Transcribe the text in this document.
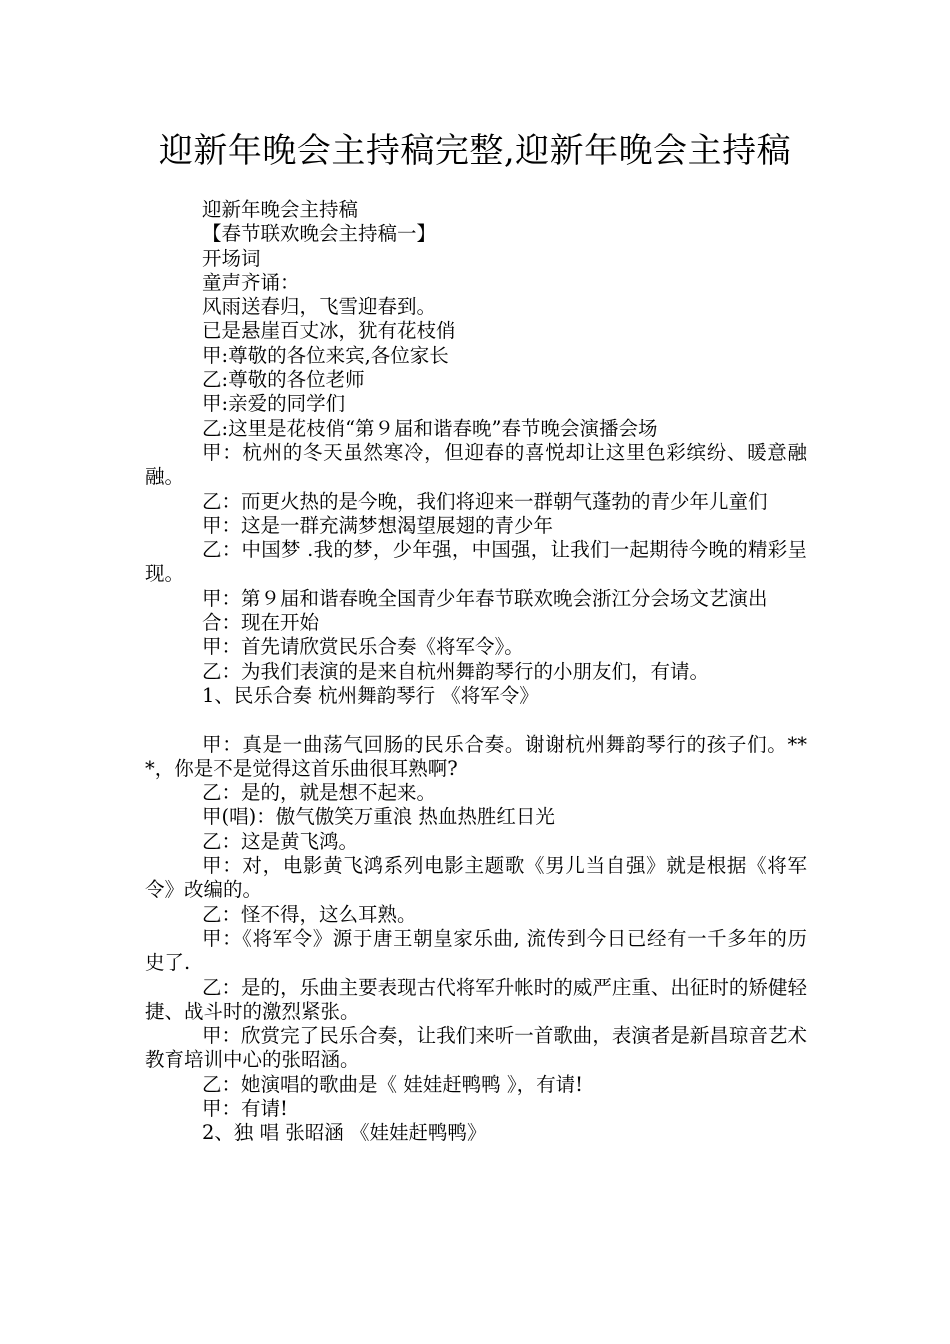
迎新年晚会主持稿完整,迎新年晚会主持稿

迎新年晚会主持稿

【春节联欢晚会主持稿一】

开场词

童声齐诵：

风雨送春归，飞雪迎春到。

已是悬崖百丈冰，犹有花枝俏

甲:尊敬的各位来宾,各位家长

乙:尊敬的各位老师

甲:亲爱的同学们

乙:这里是花枝俏“第９届和谐春晚”春节晚会演播会场

甲：杭州的冬天虽然寒冷，但迎春的喜悦却让这里色彩缤纷、暖意融融。

乙：而更火热的是今晚，我们将迎来一群朝气蓬勃的青少年儿童们

甲：这是一群充满梦想渴望展翅的青少年

乙：中国梦 .我的梦，少年强，中国强，让我们一起期待今晚的精彩呈现。

甲：第９届和谐春晚全国青少年春节联欢晚会浙江分会场文艺演出

合：现在开始

甲：首先请欣赏民乐合奏《将军令》。

乙：为我们表演的是来自杭州舞韵琴行的小朋友们，有请。

1、民乐合奏 杭州舞韵琴行 《将军令》

甲：真是一曲荡气回肠的民乐合奏。谢谢杭州舞韵琴行的孩子们。***，你是不是觉得这首乐曲很耳熟啊?

乙：是的，就是想不起来。

甲(唱)：傲气傲笑万重浪 热血热胜红日光

乙：这是黄飞鸿。

甲：对，电影黄飞鸿系列电影主题歌《男儿当自强》就是根据《将军令》改编的。

乙：怪不得，这么耳熟。

甲：《将军令》源于唐王朝皇家乐曲, 流传到今日已经有一千多年的历史了.

乙：是的，乐曲主要表现古代将军升帐时的威严庄重、出征时的矫健轻捷、战斗时的激烈紧张。

甲：欣赏完了民乐合奏，让我们来听一首歌曲，表演者是新昌琼音艺术教育培训中心的张昭涵。

乙：她演唱的歌曲是《 娃娃赶鸭鸭 》，有请!

甲：有请!

2、独 唱 张昭涵 《娃娃赶鸭鸭》
